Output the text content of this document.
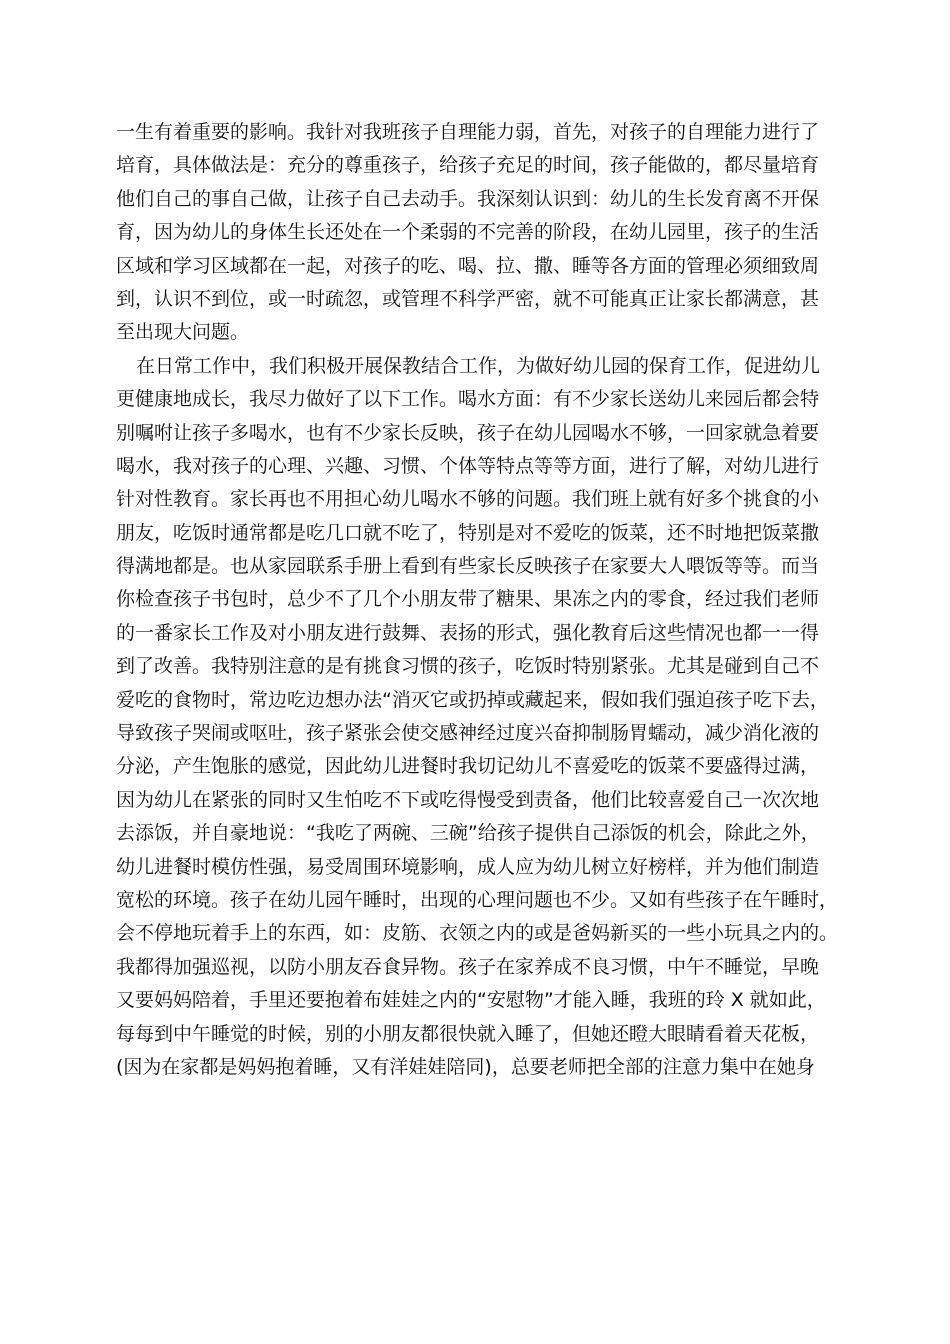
一生有着重要的影响。我针对我班孩子自理能力弱，首先，对孩子的自理能力进行了
培育，具体做法是：充分的尊重孩子，给孩子充足的时间，孩子能做的，都尽量培育
他们自己的事自己做，让孩子自己去动手。我深刻认识到：幼儿的生长发育离不开保
育，因为幼儿的身体生长还处在一个柔弱的不完善的阶段，在幼儿园里，孩子的生活
区域和学习区域都在一起，对孩子的吃、喝、拉、撒、睡等各方面的管理必须细致周
到，认识不到位，或一时疏忽，或管理不科学严密，就不可能真正让家长都满意，甚
至出现大问题。
在日常工作中，我们积极开展保教结合工作，为做好幼儿园的保育工作，促进幼儿
更健康地成长，我尽力做好了以下工作。喝水方面：有不少家长送幼儿来园后都会特
别嘱咐让孩子多喝水，也有不少家长反映，孩子在幼儿园喝水不够，一回家就急着要
喝水，我对孩子的心理、兴趣、习惯、个体等特点等等方面，进行了解，对幼儿进行
针对性教育。家长再也不用担心幼儿喝水不够的问题。我们班上就有好多个挑食的小
朋友，吃饭时通常都是吃几口就不吃了，特别是对不爱吃的饭菜，还不时地把饭菜撒
得满地都是。也从家园联系手册上看到有些家长反映孩子在家要大人喂饭等等。而当
你检查孩子书包时，总少不了几个小朋友带了糖果、果冻之内的零食，经过我们老师
的一番家长工作及对小朋友进行鼓舞、表扬的形式，强化教育后这些情况也都一一得
到了改善。我特别注意的是有挑食习惯的孩子，吃饭时特别紧张。尤其是碰到自己不
爱吃的食物时，常边吃边想办法“消灭它或扔掉或藏起来，假如我们强迫孩子吃下去，
导致孩子哭闹或呕吐，孩子紧张会使交感神经过度兴奋抑制肠胃蠕动，减少消化液的
分泌，产生饱胀的感觉，因此幼儿进餐时我切记幼儿不喜爱吃的饭菜不要盛得过满，
因为幼儿在紧张的同时又生怕吃不下或吃得慢受到责备，他们比较喜爱自己一次次地
去添饭，并自豪地说：“我吃了两碗、三碗”给孩子提供自己添饭的机会，除此之外，
幼儿进餐时模仿性强，易受周围环境影响，成人应为幼儿树立好榜样，并为他们制造
宽松的环境。孩子在幼儿园午睡时，出现的心理问题也不少。又如有些孩子在午睡时，
会不停地玩着手上的东西，如：皮筋、衣领之内的或是爸妈新买的一些小玩具之内的。
我都得加强巡视，以防小朋友吞食异物。孩子在家养成不良习惯，中午不睡觉，早晚
又要妈妈陪着，手里还要抱着布娃娃之内的“安慰物”才能入睡，我班的玲 X 就如此，
每每到中午睡觉的时候，别的小朋友都很快就入睡了，但她还瞪大眼睛看着天花板，
(因为在家都是妈妈抱着睡，又有洋娃娃陪同)，总要老师把全部的注意力集中在她身
